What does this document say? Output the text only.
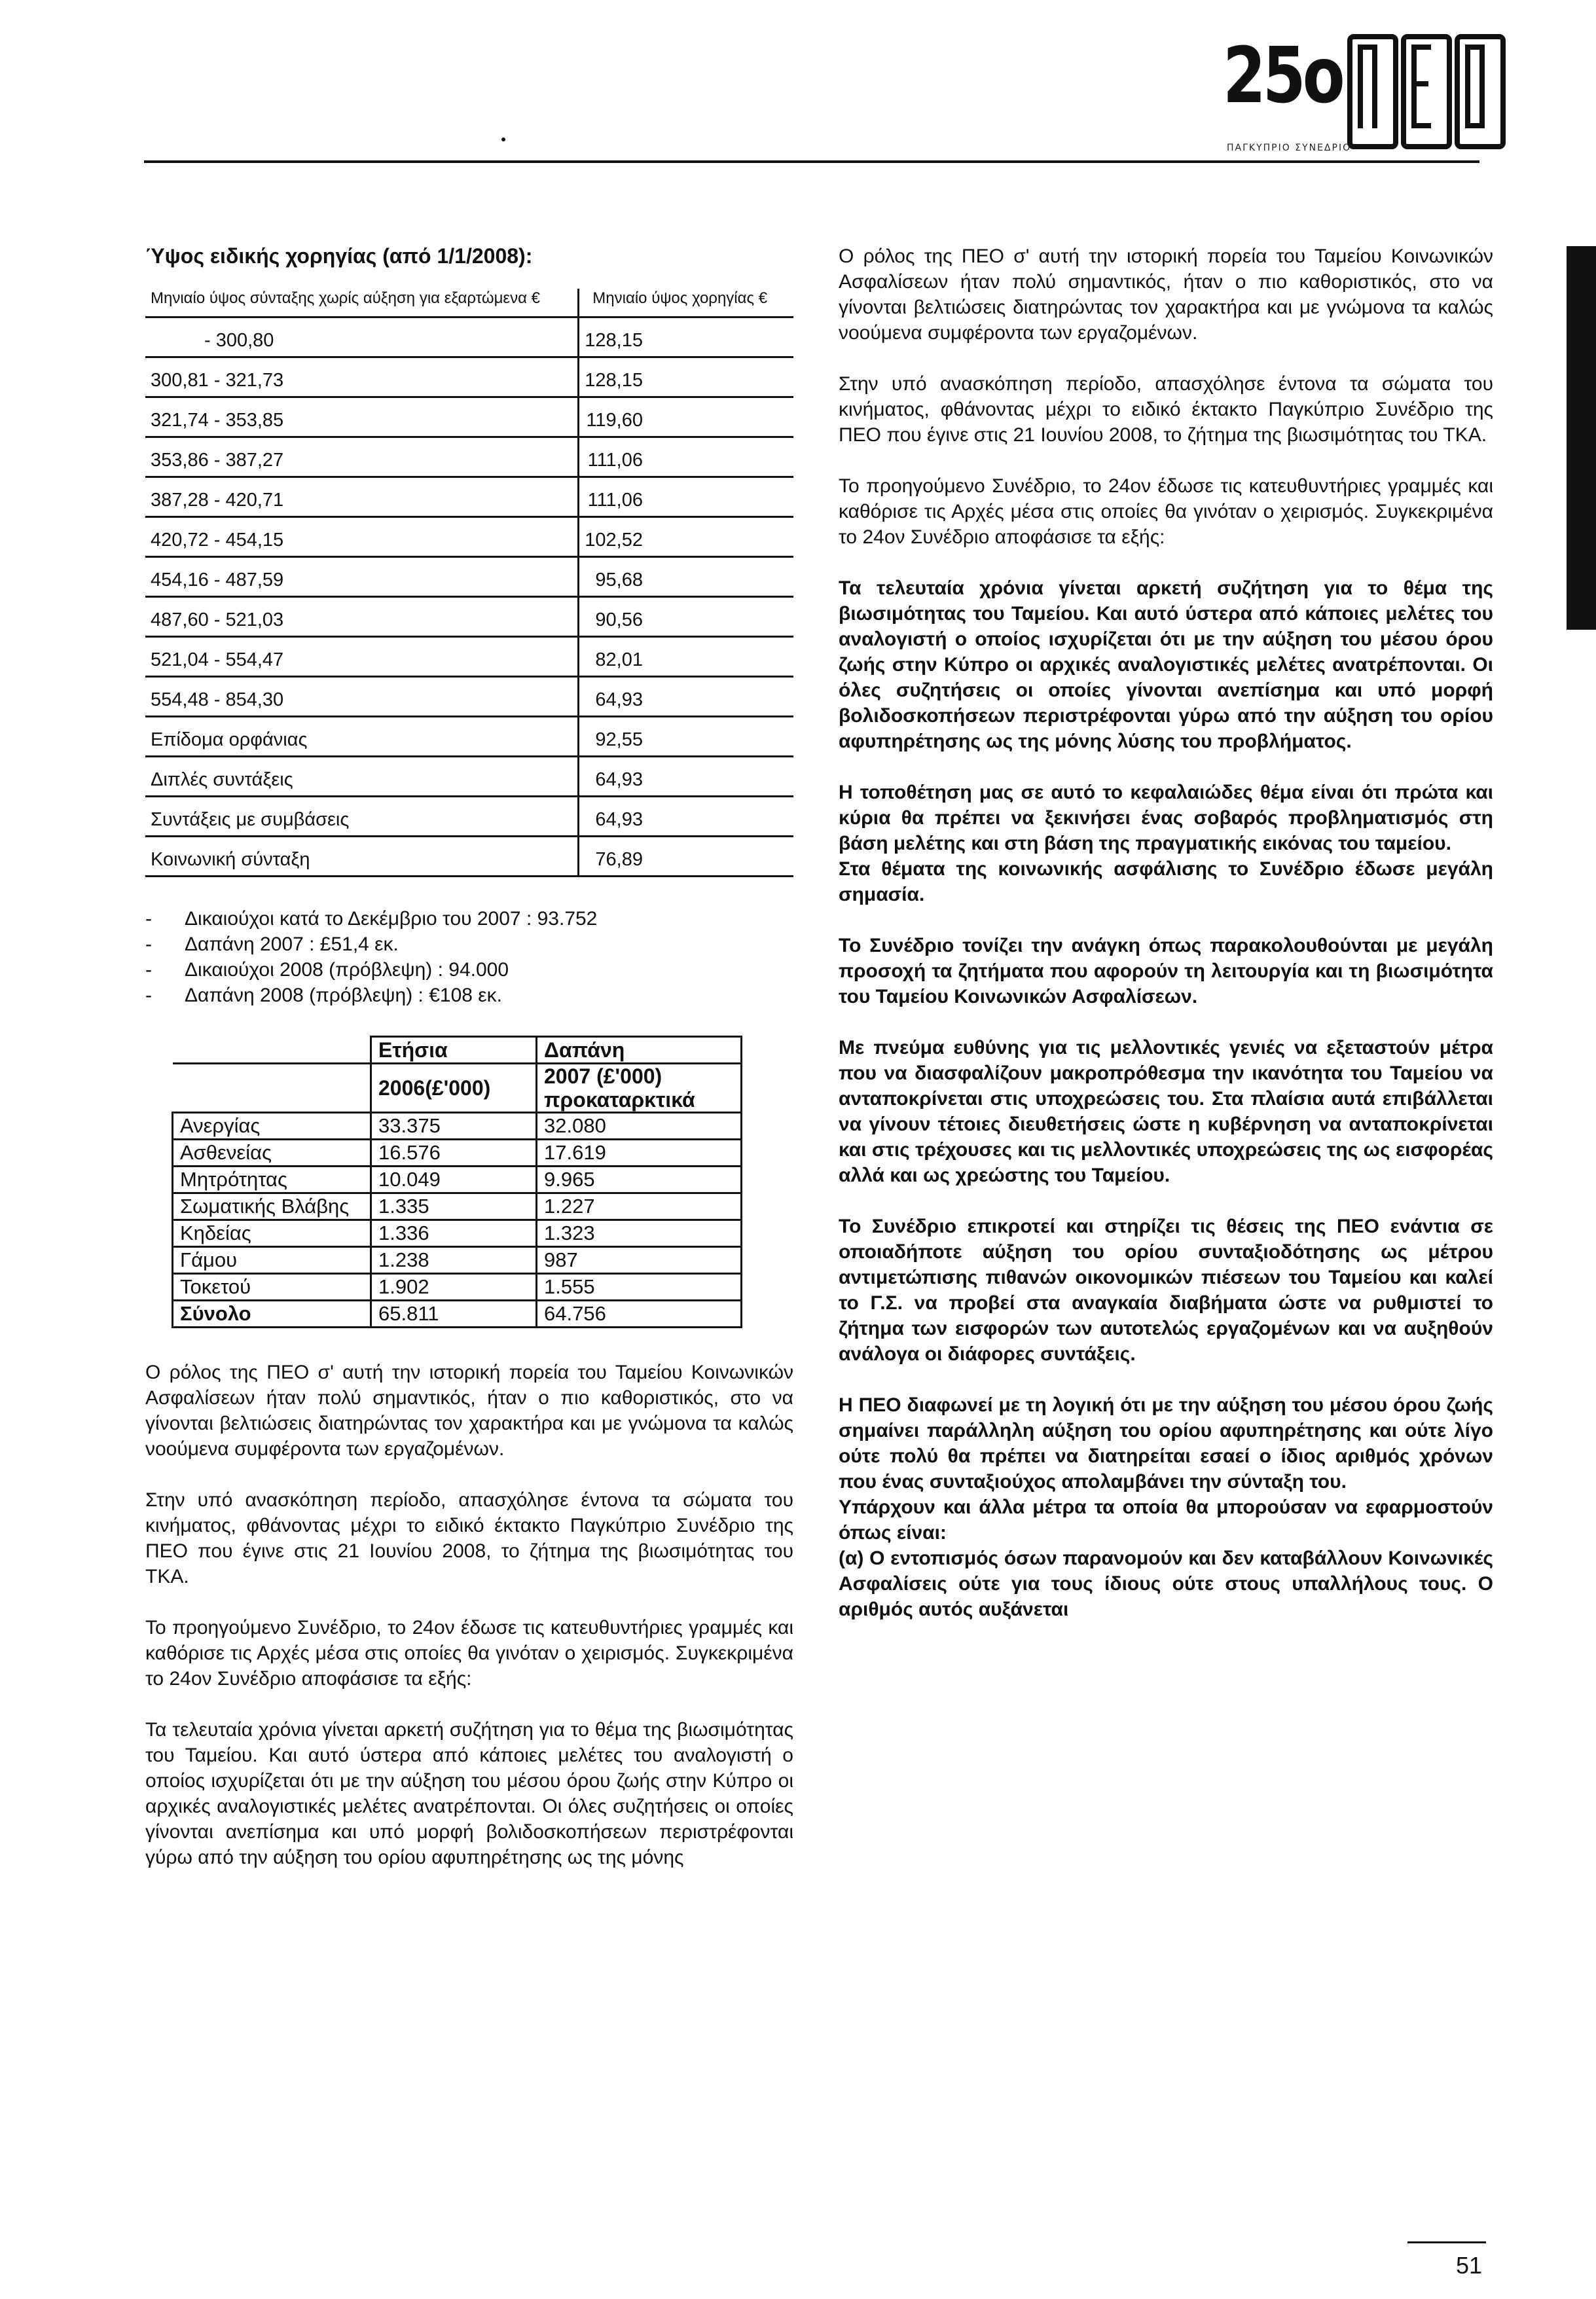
25ο
ΠΑΓΚΥΠΡΙΟ ΣΥΝΕΔΡΙΟ
Ύψος ειδικής χορηγίας (από 1/1/2008):
Μηνιαίο ύψος σύνταξης χωρίς αύξηση για εξαρτώμενα €	Μηνιαίο ύψος χορηγίας €
- 300,80	128,15
300,81 - 321,73	128,15
321,74 - 353,85	119,60
353,86 - 387,27	111,06
387,28 - 420,71	111,06
420,72 - 454,15	102,52
454,16 - 487,59	95,68
487,60 - 521,03	90,56
521,04 - 554,47	82,01
554,48 - 854,30	64,93
Επίδομα ορφάνιας	92,55
Διπλές συντάξεις	64,93
Συντάξεις με συμβάσεις	64,93
Κοινωνική σύνταξη	76,89
- Δικαιούχοι κατά το Δεκέμβριο του 2007 : 93.752
- Δαπάνη 2007 : £51,4 εκ.
- Δικαιούχοι 2008 (πρόβλεψη) : 94.000
- Δαπάνη 2008 (πρόβλεψη) : €108 εκ.
	Ετήσια	Δαπάνη
	2006(£'000)	2007 (£'000) προκαταρκτικά
Ανεργίας	33.375	32.080
Ασθενείας	16.576	17.619
Μητρότητας	10.049	9.965
Σωματικής Βλάβης	1.335	1.227
Κηδείας	1.336	1.323
Γάμου	1.238	987
Τοκετού	1.902	1.555
Σύνολο	65.811	64.756

Ο ρόλος της ΠΕΟ σ' αυτή την ιστορική πορεία του Ταμείου Κοινωνικών Ασφαλίσεων ήταν πολύ σημαντικός, ήταν ο πιο καθοριστικός, στο να γίνονται βελτιώσεις διατηρώντας τον χαρακτήρα και με γνώμονα τα καλώς νοούμενα συμφέροντα των εργαζομένων.

Στην υπό ανασκόπηση περίοδο, απασχόλησε έντονα τα σώματα του κινήματος, φθάνοντας μέχρι το ειδικό έκτακτο Παγκύπριο Συνέδριο της ΠΕΟ που έγινε στις 21 Ιουνίου 2008, το ζήτημα της βιωσιμότητας του ΤΚΑ.

Το προηγούμενο Συνέδριο, το 24ον έδωσε τις κατευθυντήριες γραμμές και καθόρισε τις Αρχές μέσα στις οποίες θα γινόταν ο χειρισμός. Συγκεκριμένα το 24ον Συνέδριο αποφάσισε τα εξής:

Τα τελευταία χρόνια γίνεται αρκετή συζήτηση για το θέμα της βιωσιμότητας του Ταμείου. Και αυτό ύστερα από κάποιες μελέτες του αναλογιστή ο οποίος ισχυρίζεται ότι με την αύξηση του μέσου όρου ζωής στην Κύπρο οι αρχικές αναλογιστικές μελέτες ανατρέπονται. Οι όλες συζητήσεις οι οποίες γίνονται ανεπίσημα και υπό μορφή βολιδοσκοπήσεων περιστρέφονται γύρω από την αύξηση του ορίου αφυπηρέτησης ως της μόνης

Ο ρόλος της ΠΕΟ σ' αυτή την ιστορική πορεία του Ταμείου Κοινωνικών Ασφαλίσεων ήταν πολύ σημαντικός, ήταν ο πιο καθοριστικός, στο να γίνονται βελτιώσεις διατηρώντας τον χαρακτήρα και με γνώμονα τα καλώς νοούμενα συμφέροντα των εργαζομένων.

Στην υπό ανασκόπηση περίοδο, απασχόλησε έντονα τα σώματα του κινήματος, φθάνοντας μέχρι το ειδικό έκτακτο Παγκύπριο Συνέδριο της ΠΕΟ που έγινε στις 21 Ιουνίου 2008, το ζήτημα της βιωσιμότητας του ΤΚΑ.

Το προηγούμενο Συνέδριο, το 24ον έδωσε τις κατευθυντήριες γραμμές και καθόρισε τις Αρχές μέσα στις οποίες θα γινόταν ο χειρισμός. Συγκεκριμένα το 24ον Συνέδριο αποφάσισε τα εξής:

Τα τελευταία χρόνια γίνεται αρκετή συζήτηση για το θέμα της βιωσιμότητας του Ταμείου. Και αυτό ύστερα από κάποιες μελέτες του αναλογιστή ο οποίος ισχυρίζεται ότι με την αύξηση του μέσου όρου ζωής στην Κύπρο οι αρχικές αναλογιστικές μελέτες ανατρέπονται. Οι όλες συζητήσεις οι οποίες γίνονται ανεπίσημα και υπό μορφή βολιδοσκοπήσεων περιστρέφονται γύρω από την αύξηση του ορίου αφυπηρέτησης ως της μόνης λύσης του προβλήματος.

Η τοποθέτηση μας σε αυτό το κεφαλαιώδες θέμα είναι ότι πρώτα και κύρια θα πρέπει να ξεκινήσει ένας σοβαρός προβληματισμός στη βάση μελέτης και στη βάση της πραγματικής εικόνας του ταμείου.

Στα θέματα της κοινωνικής ασφάλισης το Συνέδριο έδωσε μεγάλη σημασία.

Το Συνέδριο τονίζει την ανάγκη όπως παρακολουθούνται με μεγάλη προσοχή τα ζητήματα που αφορούν τη λειτουργία και τη βιωσιμότητα του Ταμείου Κοινωνικών Ασφαλίσεων.

Με πνεύμα ευθύνης για τις μελλοντικές γενιές να εξεταστούν μέτρα που να διασφαλίζουν μακροπρόθεσμα την ικανότητα του Ταμείου να ανταποκρίνεται στις υποχρεώσεις του. Στα πλαίσια αυτά επιβάλλεται να γίνουν τέτοιες διευθετήσεις ώστε η κυβέρνηση να ανταποκρίνεται και στις τρέχουσες και τις μελλοντικές υποχρεώσεις της ως εισφορέας αλλά και ως χρεώστης του Ταμείου.

Το Συνέδριο επικροτεί και στηρίζει τις θέσεις της ΠΕΟ ενάντια σε οποιαδήποτε αύξηση του ορίου συνταξιοδότησης ως μέτρου αντιμετώπισης πιθανών οικονομικών πιέσεων του Ταμείου και καλεί το Γ.Σ. να προβεί στα αναγκαία διαβήματα ώστε να ρυθμιστεί το ζήτημα των εισφορών των αυτοτελώς εργαζομένων και να αυξηθούν ανάλογα οι διάφορες συντάξεις.

Η ΠΕΟ διαφωνεί με τη λογική ότι με την αύξηση του μέσου όρου ζωής σημαίνει παράλληλη αύξηση του ορίου αφυπηρέτησης και ούτε λίγο ούτε πολύ θα πρέπει να διατηρείται εσαεί ο ίδιος αριθμός χρόνων που ένας συνταξιούχος απολαμβάνει την σύνταξη του.

Υπάρχουν και άλλα μέτρα τα οποία θα μπορούσαν να εφαρμοστούν όπως είναι:

(α) Ο εντοπισμός όσων παρανομούν και δεν καταβάλλουν Κοινωνικές Ασφαλίσεις ούτε για τους ίδιους ούτε στους υπαλλήλους τους. Ο αριθμός αυτός αυξάνεται

51
